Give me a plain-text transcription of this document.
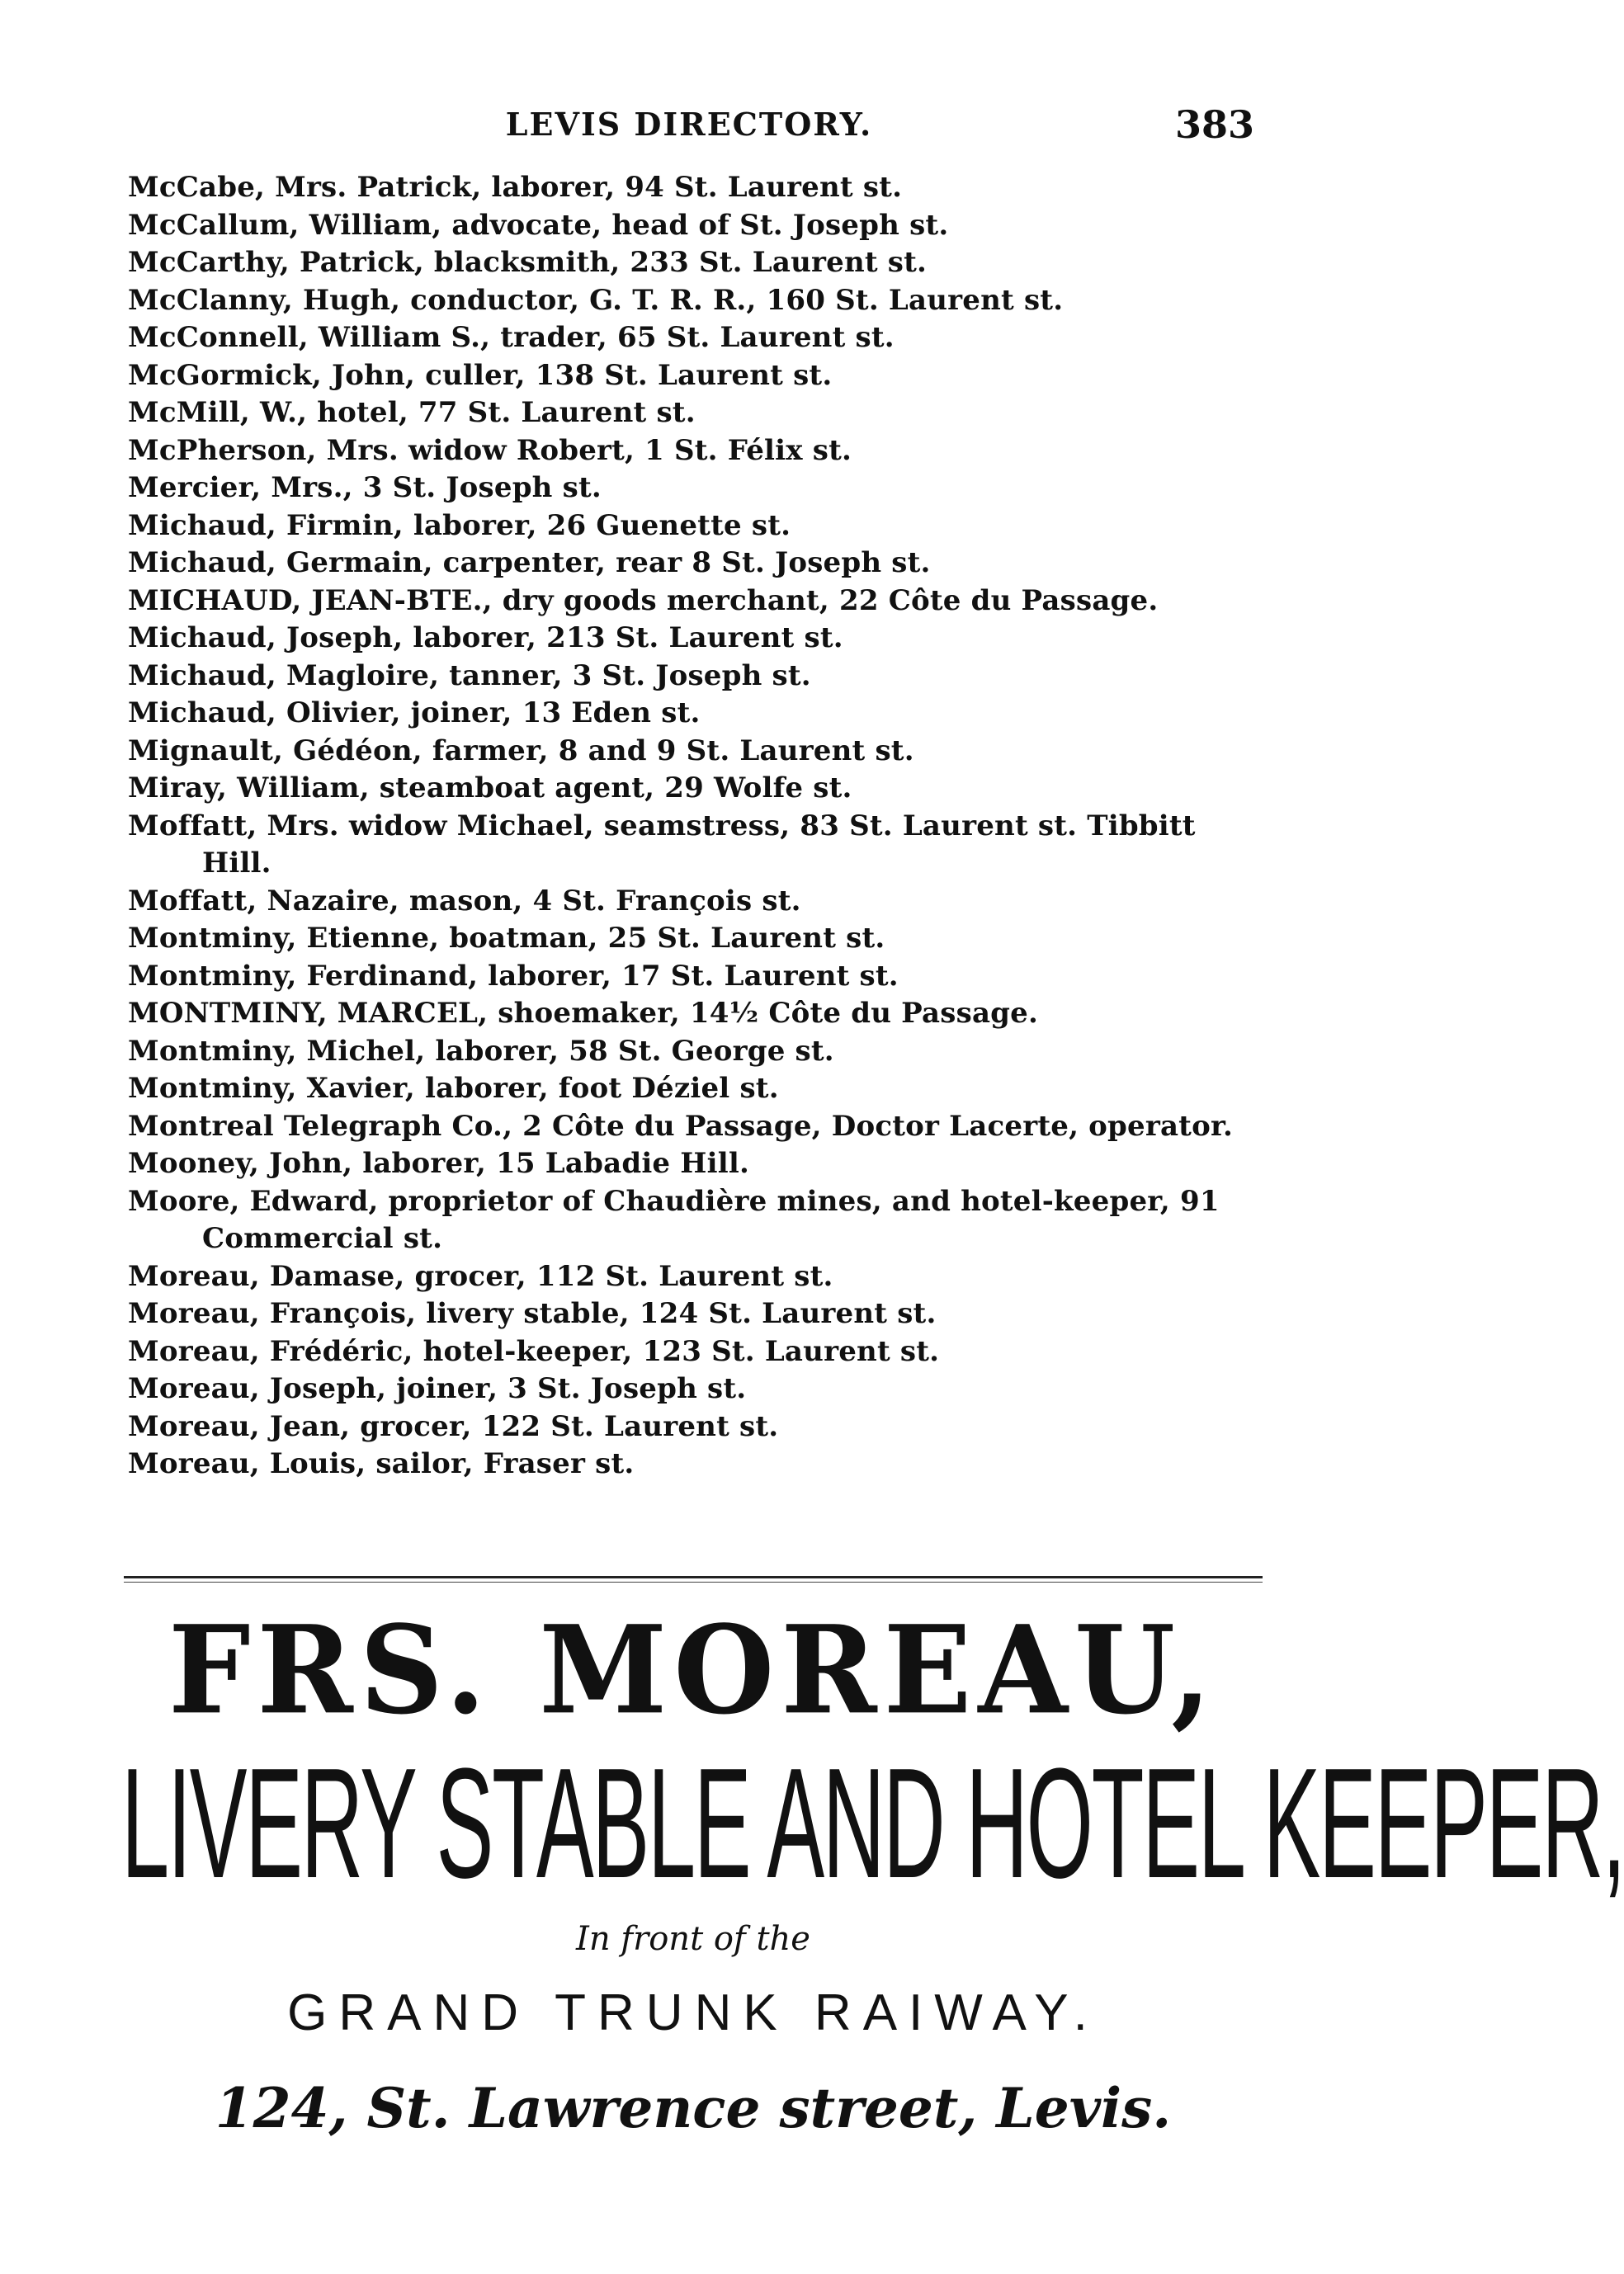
LEVIS DIRECTORY.	383
McCabe, Mrs. Patrick, laborer, 94 St. Laurent st.
McCallum, William, advocate, head of St. Joseph st.
McCarthy, Patrick, blacksmith, 233 St. Laurent st.
McClanny, Hugh, conductor, G. T. R. R., 160 St. Laurent st.
McConnell, William S., trader, 65 St. Laurent st.
McGormick, John, culler, 138 St. Laurent st.
McMill, W., hotel, 77 St. Laurent st.
McPherson, Mrs. widow Robert, 1 St. Félix st.
Mercier, Mrs., 3 St. Joseph st.
Michaud, Firmin, laborer, 26 Guenette st.
Michaud, Germain, carpenter, rear 8 St. Joseph st.
MICHAUD, JEAN-BTE., dry goods merchant, 22 Côte du Passage.
Michaud, Joseph, laborer, 213 St. Laurent st.
Michaud, Magloire, tanner, 3 St. Joseph st.
Michaud, Olivier, joiner, 13 Eden st.
Mignault, Gédéon, farmer, 8 and 9 St. Laurent st.
Miray, William, steamboat agent, 29 Wolfe st.
Moffatt, Mrs. widow Michael, seamstress, 83 St. Laurent st. Tibbitt Hill.
Moffatt, Nazaire, mason, 4 St. François st.
Montminy, Etienne, boatman, 25 St. Laurent st.
Montminy, Ferdinand, laborer, 17 St. Laurent st.
MONTMINY, MARCEL, shoemaker, 14½ Côte du Passage.
Montminy, Michel, laborer, 58 St. George st.
Montminy, Xavier, laborer, foot Déziel st.
Montreal Telegraph Co., 2 Côte du Passage, Doctor Lacerte, operator.
Mooney, John, laborer, 15 Labadie Hill.
Moore, Edward, proprietor of Chaudière mines, and hotel-keeper, 91 Commercial st.
Moreau, Damase, grocer, 112 St. Laurent st.
Moreau, François, livery stable, 124 St. Laurent st.
Moreau, Frédéric, hotel-keeper, 123 St. Laurent st.
Moreau, Joseph, joiner, 3 St. Joseph st.
Moreau, Jean, grocer, 122 St. Laurent st.
Moreau, Louis, sailor, Fraser st.
FRS. MOREAU,
LIVERY STABLE AND HOTEL KEEPER,
In front of the
GRAND TRUNK RAIWAY.
124, St. Lawrence street, Levis.
